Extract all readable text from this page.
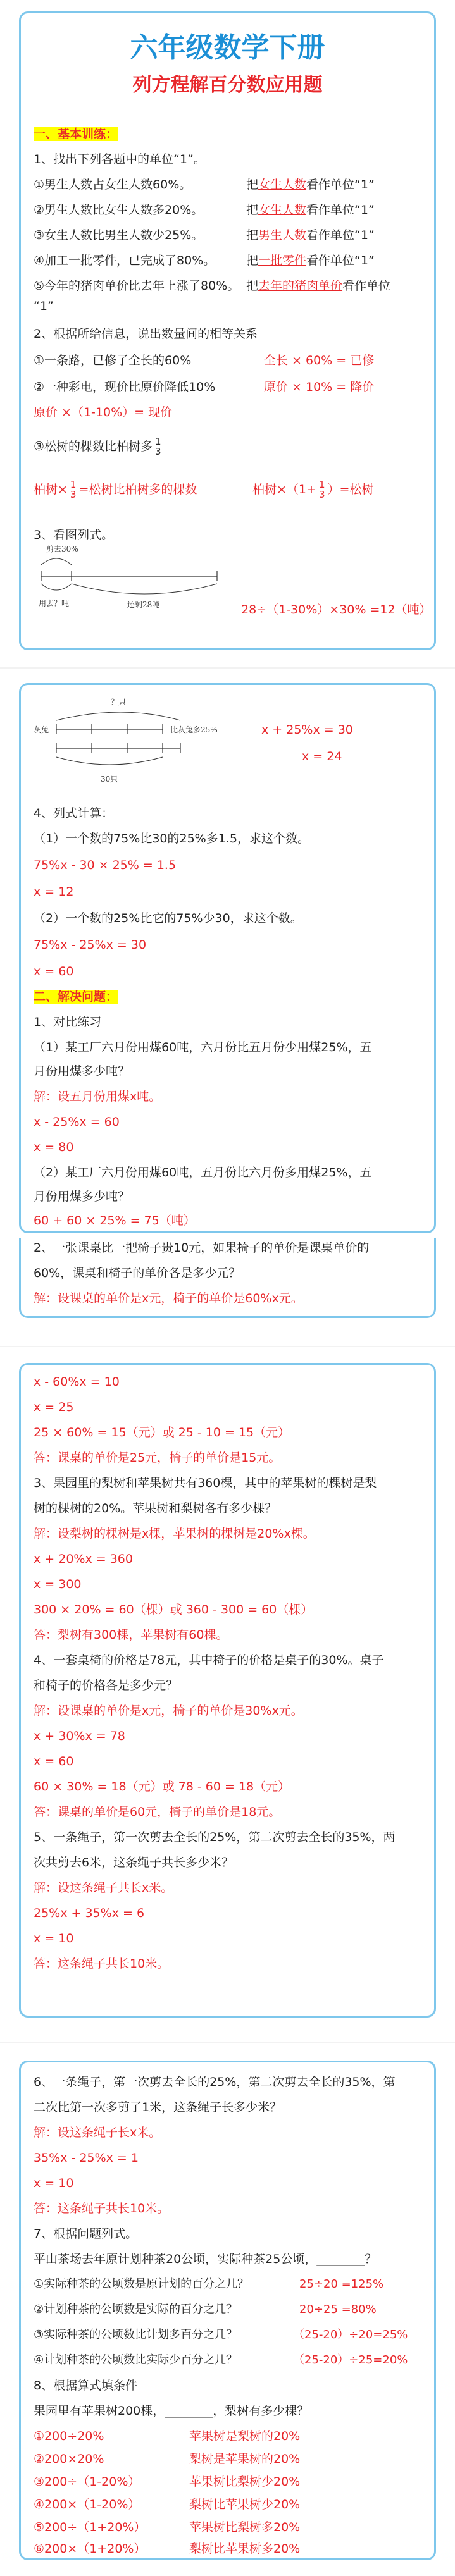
六年级数学下册
列方程解百分数应用题
一、基本训练：
1、找出下列各题中的单位“1”。
①男生人数占女生人数60%。	把女生人数看作单位“1”
②男生人数比女生人数多20%。	把女生人数看作单位“1”
③女生人数比男生人数少25%。	把男生人数看作单位“1”
④加工一批零件，已完成了80%。	把一批零件看作单位“1”
⑤今年的猪肉单价比去年上涨了80%。 把去年的猪肉单价看作单位
“1”
2、根据所给信息，说出数量间的相等关系
①一条路，已修了全长的60%	全长 × 60% = 已修
②一种彩电，现价比原价降低10%	原价 × 10% = 降价
原价 ×（1-10%）= 现价
③松树的棵数比柏树多 $\frac{1}{3}$
柏树× $\frac{1}{3}$ =松树比柏树多的棵数	柏树$\times(1+ \frac{1}{3}$ ）=松树
3、看图列式。
剪去30%
用去？吨	还剩28吨	28÷（1-30%）×30% =12（吨）
？只
灰兔	比灰兔多25%
30只
x + 25%x = 30
x = 24
4、列式计算：
（1）一个数的75%比30的25%多1.5，求这个数。
75%x - 30 × 25% = 1.5
x = 12
（2）一个数的25%比它的75%少30，求这个数。
75%x - 25%x = 30
x = 60
二、解决问题：
1、对比练习
（1）某工厂六月份用煤60吨，六月份比五月份少用煤25%，五
月份用煤多少吨？
解：设五月份用煤x吨。
x - 25%x = 60
x = 80
（2）某工厂六月份用煤60吨，五月份比六月份多用煤25%，五
月份用煤多少吨？
60 + 60 × 25% = 75（吨）
2、一张课桌比一把椅子贵10元，如果椅子的单价是课桌单价的
60%，课桌和椅子的单价各是多少元？
解：设课桌的单价是x元，椅子的单价是60%x元。
x - 60%x = 10
x = 25
25 × 60% = 15（元）或 25 - 10 = 15（元）
答：课桌的单价是25元，椅子的单价是15元。
3、果园里的梨树和苹果树共有360棵，其中的苹果树的棵树是梨
树的棵树的20%。苹果树和梨树各有多少棵？
解：设梨树的棵树是x棵，苹果树的棵树是20%x棵。
x + 20%x = 360
x = 300
300 × 20% = 60（棵）或 360 - 300 = 60（棵）
答：梨树有300棵，苹果树有60棵。
4、一套桌椅的价格是78元，其中椅子的价格是桌子的30%。桌子
和椅子的价格各是多少元？
解：设课桌的单价是x元，椅子的单价是30%x元。
x + 30%x = 78
x = 60
60 × 30% = 18（元）或 78 - 60 = 18（元）
答：课桌的单价是60元，椅子的单价是18元。
5、一条绳子，第一次剪去全长的25%，第二次剪去全长的35%，两
次共剪去6米，这条绳子共长多少米？
解：设这条绳子共长x米。
25%x + 35%x = 6
x = 10
答：这条绳子共长10米。
6、一条绳子，第一次剪去全长的25%，第二次剪去全长的35%，第
二次比第一次多剪了1米，这条绳子长多少米？
解：设这条绳子长x米。
35%x - 25%x = 1
x = 10
答：这条绳子共长10米。
7、根据问题列式。
平山茶场去年原计划种茶20公顷，实际种茶25公顷，________？
①实际种茶的公顷数是原计划的百分之几？	25÷20 =125%
②计划种茶的公顷数是实际的百分之几？	20÷25 =80%
③实际种茶的公顷数比计划多百分之几？	（25-20）÷20=25%
④计划种茶的公顷数比实际少百分之几？	（25-20）÷25=20%
8、根据算式填条件
果园里有苹果树200棵，________，梨树有多少棵？
①200÷20%	苹果树是梨树的20%
②200×20%	梨树是苹果树的20%
③200÷（1-20%）	苹果树比梨树少20%
④200×（1-20%）	梨树比苹果树少20%
⑤200÷（1+20%）	苹果树比梨树多20%
⑥200×（1+20%）	梨树比苹果树多20%
